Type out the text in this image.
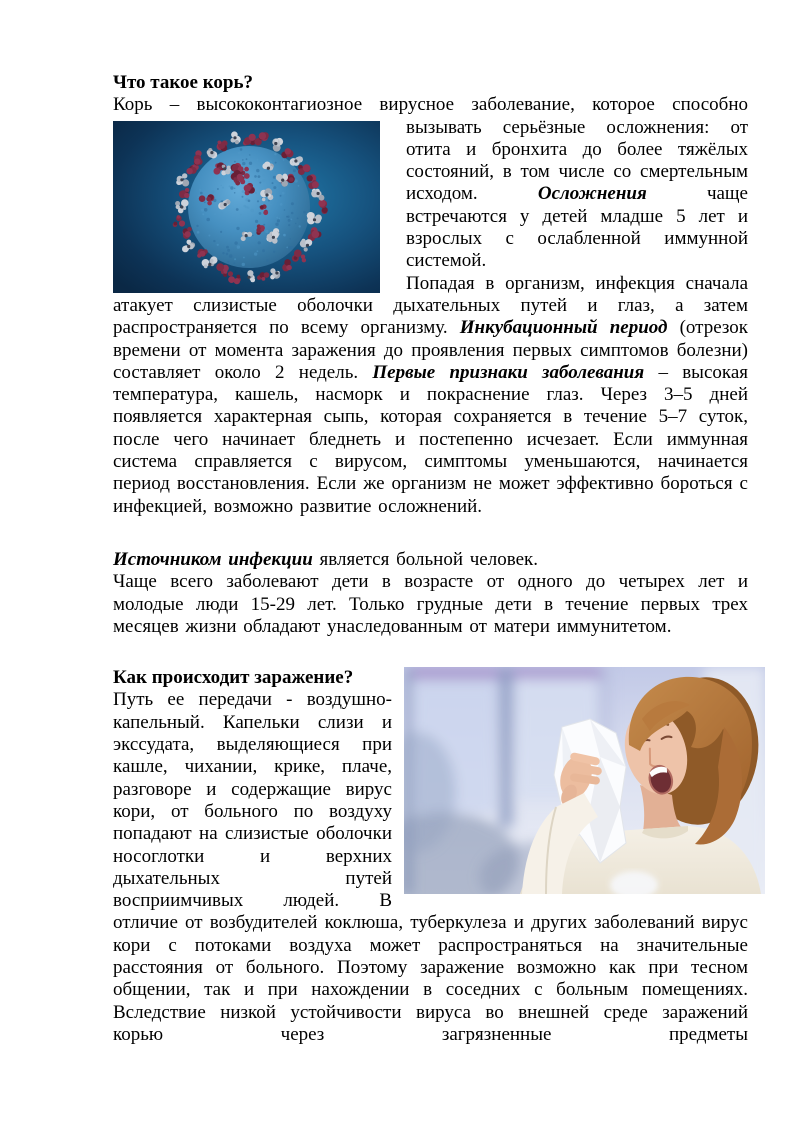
Что такое корь?
Корь – высококонтагиозное вирусное заболевание, которое способно

вызывать серьёзные осложнения: от отита и бронхита до более тяжёлых состояний, в том числе со смертельным исходом. Осложнения чаще встречаются у детей младше 5 лет и взрослых с ослабленной иммунной системой.

Попадая в организм, инфекция сначала атакует слизистые оболочки дыхательных путей и глаз, а затем распространяется по всему организму. Инкубационный период (отрезок времени от момента заражения до проявления первых симптомов болезни) составляет около 2 недель. Первые признаки заболевания – высокая температура, кашель, насморк и покраснение глаз. Через 3–5 дней появляется характерная сыпь, которая сохраняется в течение 5–7 суток, после чего начинает бледнеть и постепенно исчезает. Если иммунная система справляется с вирусом, симптомы уменьшаются, начинается период восстановления. Если же организм не может эффективно бороться с инфекцией, возможно развитие осложнений.

Источником инфекции является больной человек.

Чаще всего заболевают дети в возрасте от одного до четырех лет и молодые люди 15-29 лет. Только грудные дети в течение первых трех месяцев жизни обладают унаследованным от матери иммунитетом.

Как происходит заражение?

Путь ее передачи - воздушно-капельный. Капельки слизи и экссудата, выделяющиеся при кашле, чихании, крике, плаче, разговоре и содержащие вирус кори, от больного по воздуху попадают на слизистые оболочки носоглотки и верхних дыхательных путей восприимчивых людей. В отличие от возбудителей коклюша, туберкулеза и других заболеваний вирус кори с потоками воздуха может распространяться на значительные расстояния от больного. Поэтому заражение возможно как при тесном общении, так и при нахождении в соседних с больным помещениях. Вследствие низкой устойчивости вируса во внешней среде заражений корью через загрязненные предметы
